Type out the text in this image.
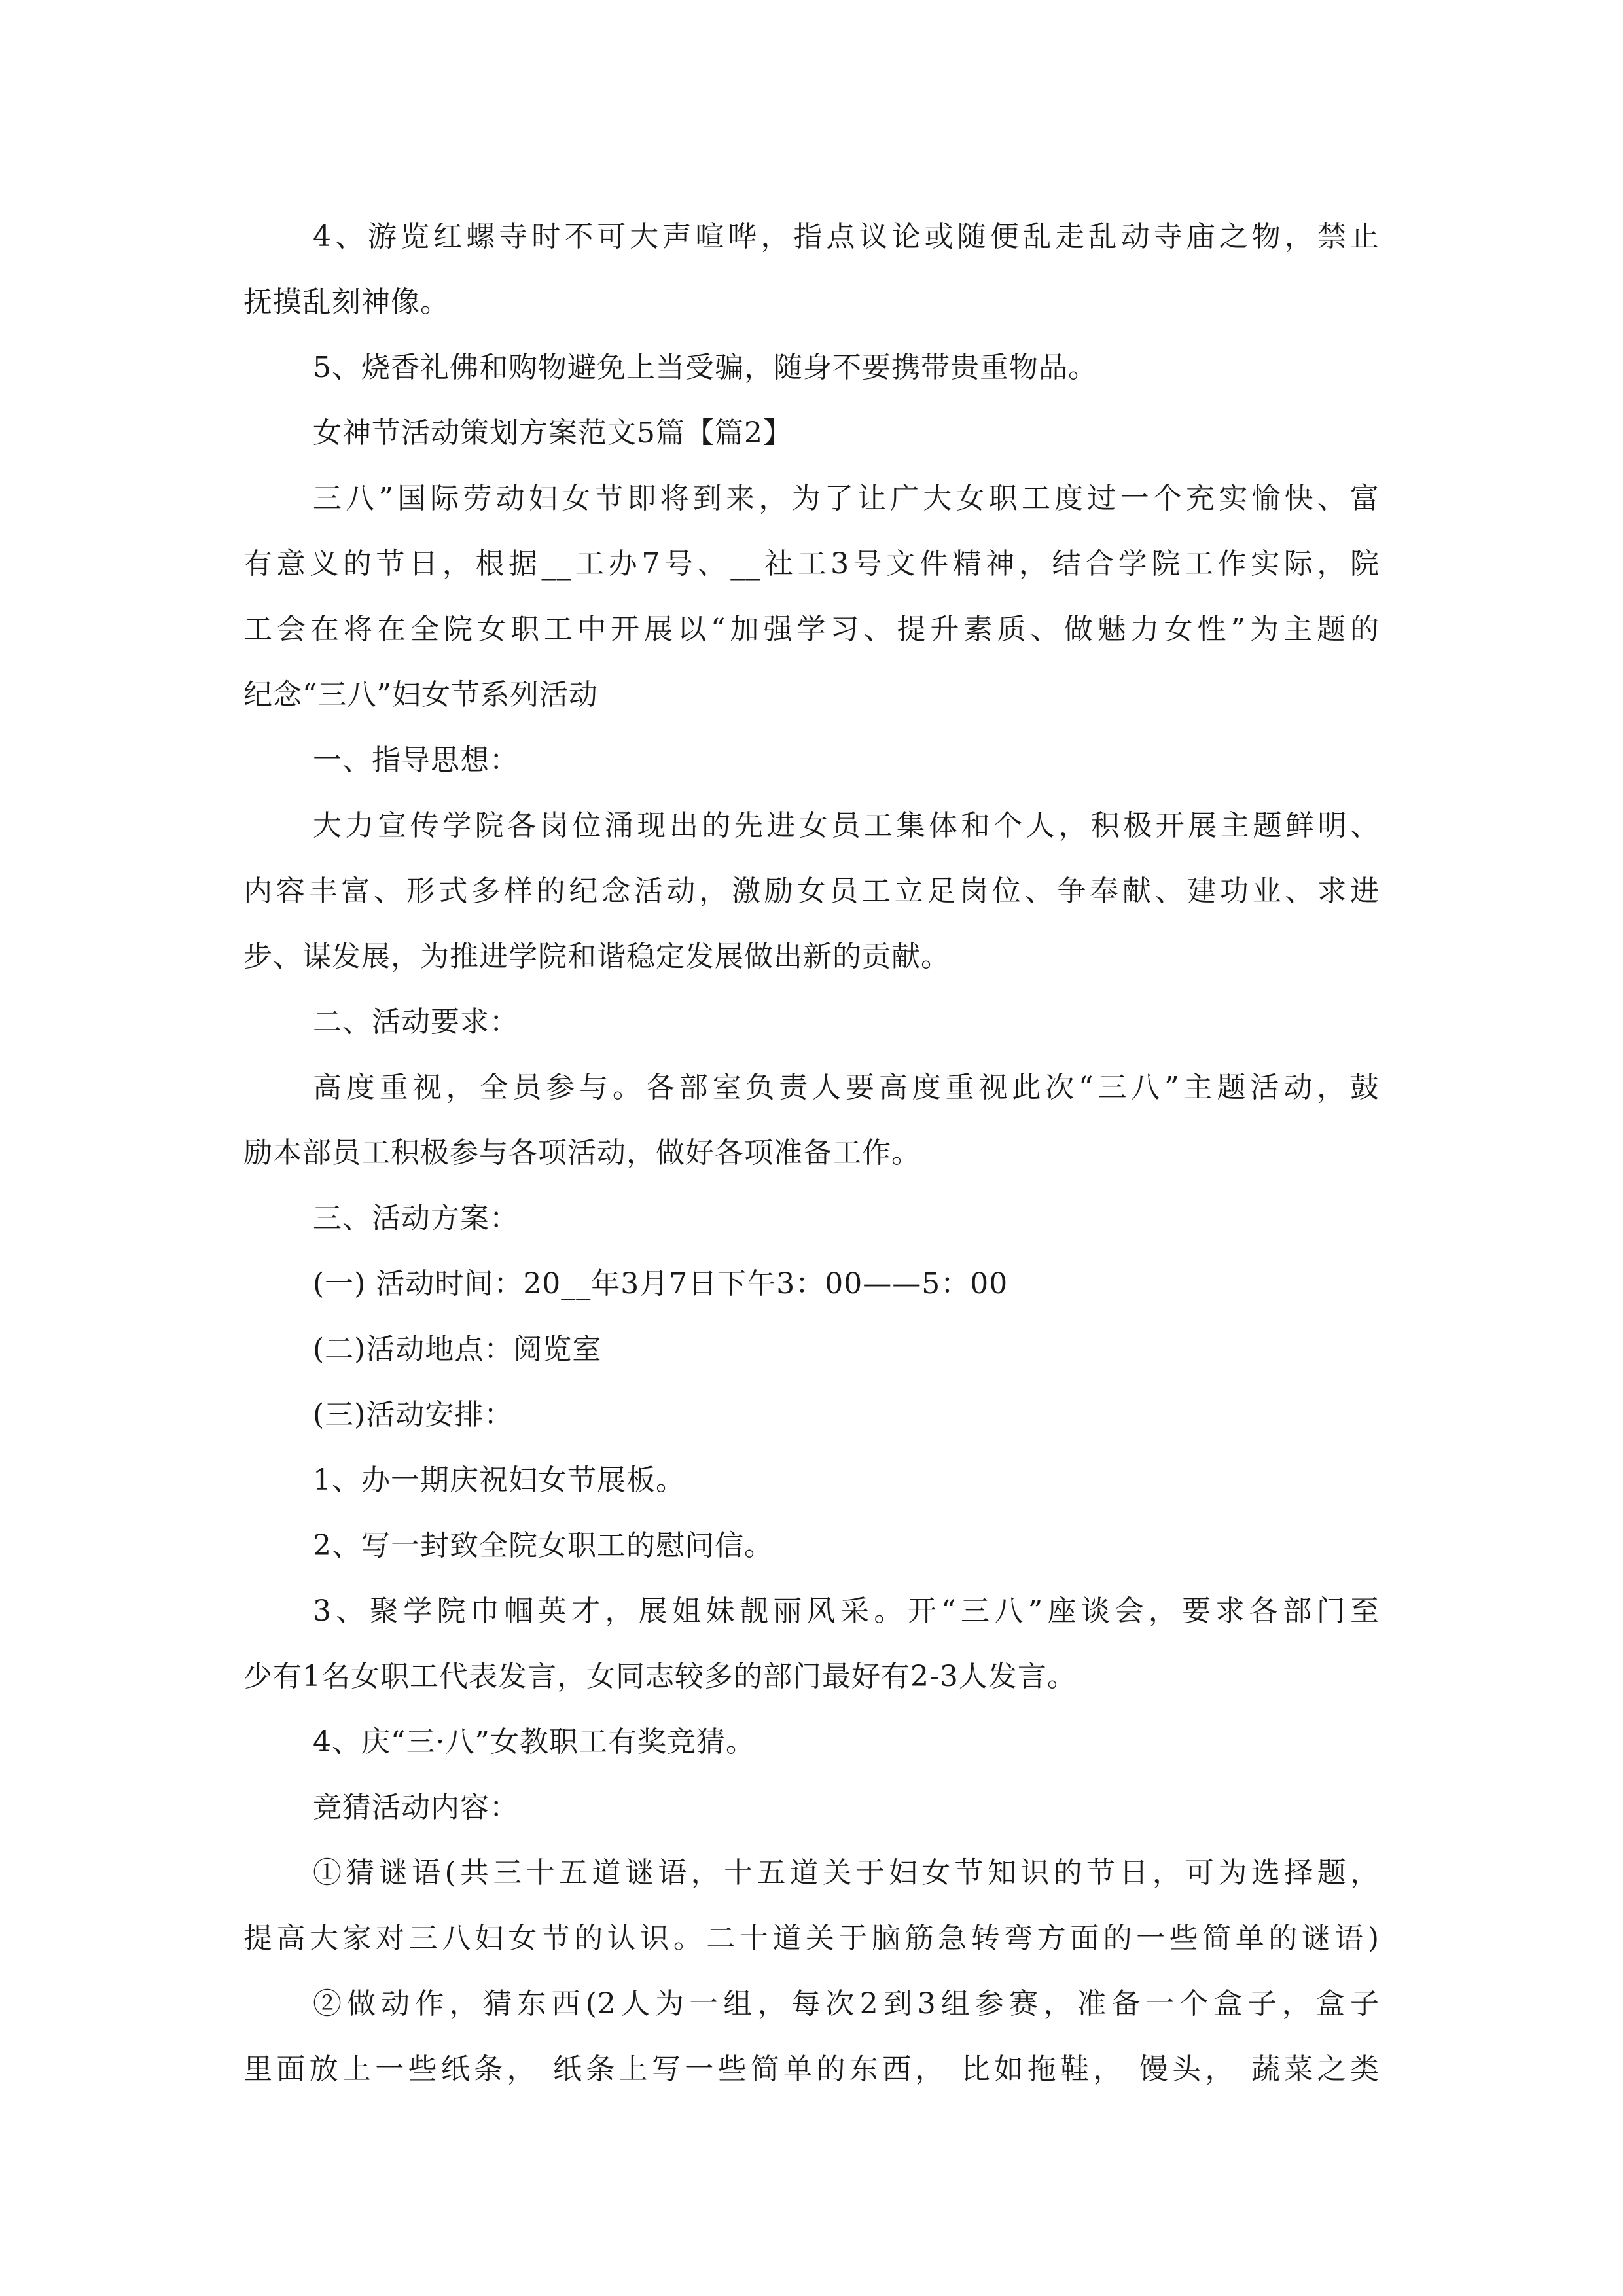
4、游览红螺寺时不可大声喧哗，指点议论或随便乱走乱动寺庙之物，禁止
抚摸乱刻神像。
5、烧香礼佛和购物避免上当受骗，随身不要携带贵重物品。
女神节活动策划方案范文5篇【篇2】
三八”国际劳动妇女节即将到来，为了让广大女职工度过一个充实愉快、富
有意义的节日，根据__工办7号、__社工3号文件精神，结合学院工作实际，院
工会在将在全院女职工中开展以“加强学习、提升素质、做魅力女性”为主题的
纪念“三八”妇女节系列活动
一、指导思想：
大力宣传学院各岗位涌现出的先进女员工集体和个人，积极开展主题鲜明、
内容丰富、形式多样的纪念活动，激励女员工立足岗位、争奉献、建功业、求进
步、谋发展，为推进学院和谐稳定发展做出新的贡献。
二、活动要求：
高度重视，全员参与。各部室负责人要高度重视此次“三八”主题活动，鼓
励本部员工积极参与各项活动，做好各项准备工作。
三、活动方案：
(一) 活动时间：20__年3月7日下午3：00——5：00
(二)活动地点：阅览室
(三)活动安排：
1、办一期庆祝妇女节展板。
2、写一封致全院女职工的慰问信。
3、聚学院巾帼英才，展姐妹靓丽风采。开“三八”座谈会，要求各部门至
少有1名女职工代表发言，女同志较多的部门最好有2-3人发言。
4、庆“三·八”女教职工有奖竞猜。
竞猜活动内容：
①猜谜语(共三十五道谜语，十五道关于妇女节知识的节日，可为选择题，
提高大家对三八妇女节的认识。二十道关于脑筋急转弯方面的一些简单的谜语)
②做动作，猜东西(2人为一组，每次2到3组参赛，准备一个盒子，盒子
里面放上一些纸条， 纸条上写一些简单的东西， 比如拖鞋， 馒头， 蔬菜之类
